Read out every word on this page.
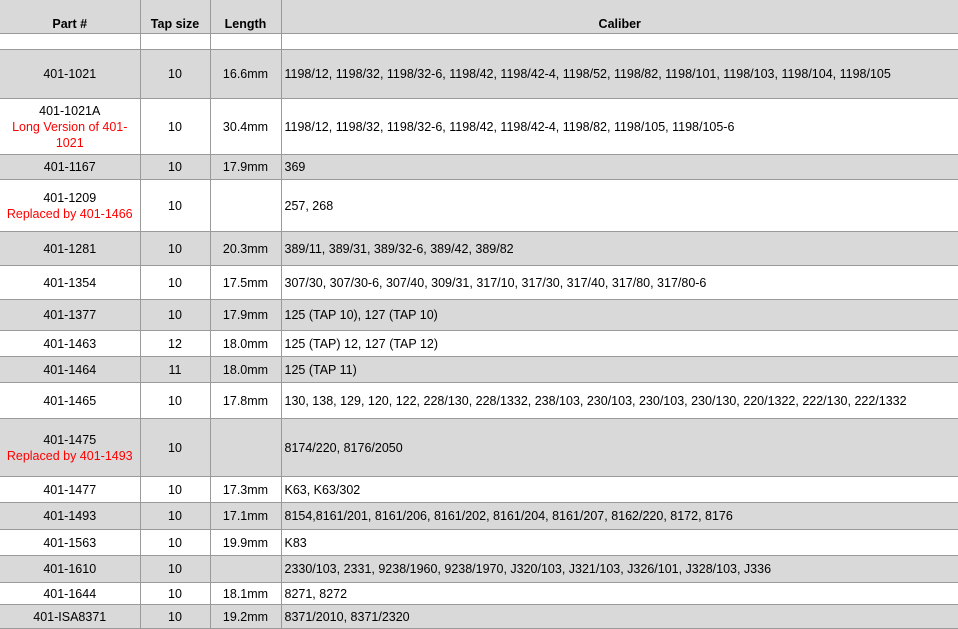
Part #	Tap size	Length	Caliber

401-1021	10	16.6mm	1198/12, 1198/32, 1198/32-6, 1198/42, 1198/42-4, 1198/52, 1198/82, 1198/101, 1198/103, 1198/104, 1198/105

401-1021A
Long Version of 401-1021	10	30.4mm	1198/12, 1198/32, 1198/32-6, 1198/42, 1198/42-4, 1198/82, 1198/105, 1198/105-6

401-1167	10	17.9mm	369

401-1209
Replaced by 401-1466	10		257, 268

401-1281	10	20.3mm	389/11, 389/31, 389/32-6, 389/42, 389/82

401-1354	10	17.5mm	307/30, 307/30-6, 307/40, 309/31, 317/10, 317/30, 317/40, 317/80, 317/80-6

401-1377	10	17.9mm	125 (TAP 10), 127 (TAP 10)

401-1463	12	18.0mm	125 (TAP) 12, 127 (TAP 12)

401-1464	11	18.0mm	125 (TAP 11)

401-1465	10	17.8mm	130, 138, 129, 120, 122, 228/130, 228/1332, 238/103, 230/103, 230/103, 230/130, 220/1322, 222/130, 222/1332

401-1475
Replaced by 401-1493	10		8174/220, 8176/2050

401-1477	10	17.3mm	K63, K63/302

401-1493	10	17.1mm	8154,8161/201, 8161/206, 8161/202, 8161/204, 8161/207, 8162/220, 8172, 8176

401-1563	10	19.9mm	K83

401-1610	10		2330/103, 2331, 9238/1960, 9238/1970, J320/103, J321/103, J326/101, J328/103, J336

401-1644	10	18.1mm	8271, 8272

401-ISA8371	10	19.2mm	8371/2010, 8371/2320
